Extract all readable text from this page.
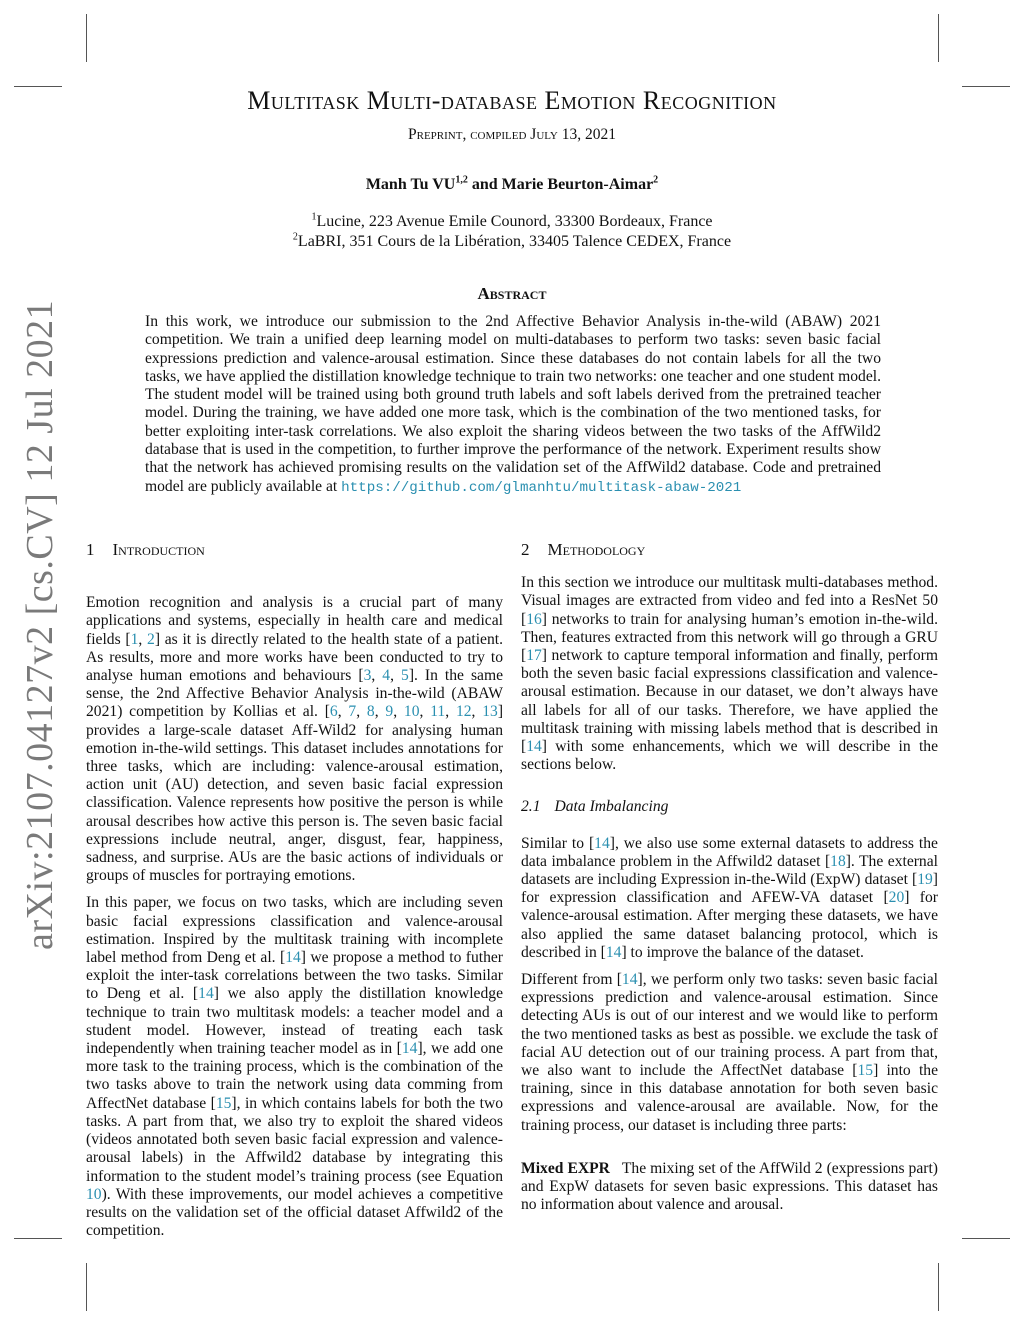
arXiv:2107.04127v2 [cs.CV] 12 Jul 2021
Multitask Multi-database Emotion Recognition
Preprint, compiled July 13, 2021
Manh Tu VU$^{1,2}$ and Marie Beurton-Aimar$^2$
$^1$Lucine, 223 Avenue Emile Counord, 33300 Bordeaux, France
$^2$LaBRI, 351 Cours de la Libération, 33405 Talence CEDEX, France
Abstract
In this work, we introduce our submission to the 2nd Affective Behavior Analysis in-the-wild (ABAW) 2021 competition. We train a unified deep learning model on multi-databases to perform two tasks: seven basic facial expressions prediction and valence-arousal estimation. Since these databases do not contain labels for all the two tasks, we have applied the distillation knowledge technique to train two networks: one teacher and one student model. The student model will be trained using both ground truth labels and soft labels derived from the pretrained teacher model. During the training, we have added one more task, which is the combination of the two mentioned tasks, for better exploiting inter-task correlations. We also exploit the sharing videos between the two tasks of the AffWild2 database that is used in the competition, to further improve the performance of the network. Experiment results show that the network has achieved promising results on the validation set of the AffWild2 database. Code and pretrained model are publicly available at https://github.com/glmanhtu/multitask-abaw-2021
1 Introduction

Emotion recognition and analysis is a crucial part of many applications and systems, especially in health care and medical fields [1, 2] as it is directly related to the health state of a patient. As results, more and more works have been conducted to try to analyse human emotions and behaviours [3, 4, 5]. In the same sense, the 2nd Affective Behavior Analysis in-the-wild (ABAW 2021) competition by Kollias et al. [6, 7, 8, 9, 10, 11, 12, 13] provides a large-scale dataset Aff-Wild2 for analysing human emotion in-the-wild settings. This dataset includes annotations for three tasks, which are including: valence-arousal estimation, action unit (AU) detection, and seven basic facial expression classification. Valence represents how positive the person is while arousal describes how active this person is. The seven basic facial expressions include neutral, anger, disgust, fear, happiness, sadness, and surprise. AUs are the basic actions of individuals or groups of muscles for portraying emotions.

In this paper, we focus on two tasks, which are including seven basic facial expressions classification and valence-arousal estimation. Inspired by the multitask training with incomplete label method from Deng et al. [14] we propose a method to futher exploit the inter-task correlations between the two tasks. Similar to Deng et al. [14] we also apply the distillation knowledge technique to train two multitask models: a teacher model and a student model. However, instead of treating each task independently when training teacher model as in [14], we add one more task to the training process, which is the combination of the two tasks above to train the network using data comming from AffectNet database [15], in which contains labels for both the two tasks. A part from that, we also try to exploit the shared videos (videos annotated both seven basic facial expression and valence-arousal labels) in the Affwild2 database by integrating this information to the student model’s training process (see Equation 10). With these improvements, our model achieves a competitive results on the validation set of the official dataset Affwild2 of the competition.

2 Methodology

In this section we introduce our multitask multi-databases method. Visual images are extracted from video and fed into a ResNet 50 [16] networks to train for analysing human’s emotion in-the-wild. Then, features extracted from this network will go through a GRU [17] network to capture temporal information and finally, perform both the seven basic facial expressions classification and valence-arousal estimation. Because in our dataset, we don’t always have all labels for all of our tasks. Therefore, we have applied the multitask training with missing labels method that is described in [14] with some enhancements, which we will describe in the sections below.

2.1 Data Imbalancing

Similar to [14], we also use some external datasets to address the data imbalance problem in the Affwild2 dataset [18]. The external datasets are including Expression in-the-Wild (ExpW) dataset [19] for expression classification and AFEW-VA dataset [20] for valence-arousal estimation. After merging these datasets, we have also applied the same dataset balancing protocol, which is described in [14] to improve the balance of the dataset.

Different from [14], we perform only two tasks: seven basic facial expressions prediction and valence-arousal estimation. Since detecting AUs is out of our interest and we would like to perform the two mentioned tasks as best as possible. we exclude the task of facial AU detection out of our training process. A part from that, we also want to include the AffectNet database [15] into the training, since in this database annotation for both seven basic expressions and valence-arousal are available. Now, for the training process, our dataset is including three parts:

Mixed EXPR The mixing set of the AffWild 2 (expressions part) and ExpW datasets for seven basic expressions. This dataset has no information about valence and arousal.
